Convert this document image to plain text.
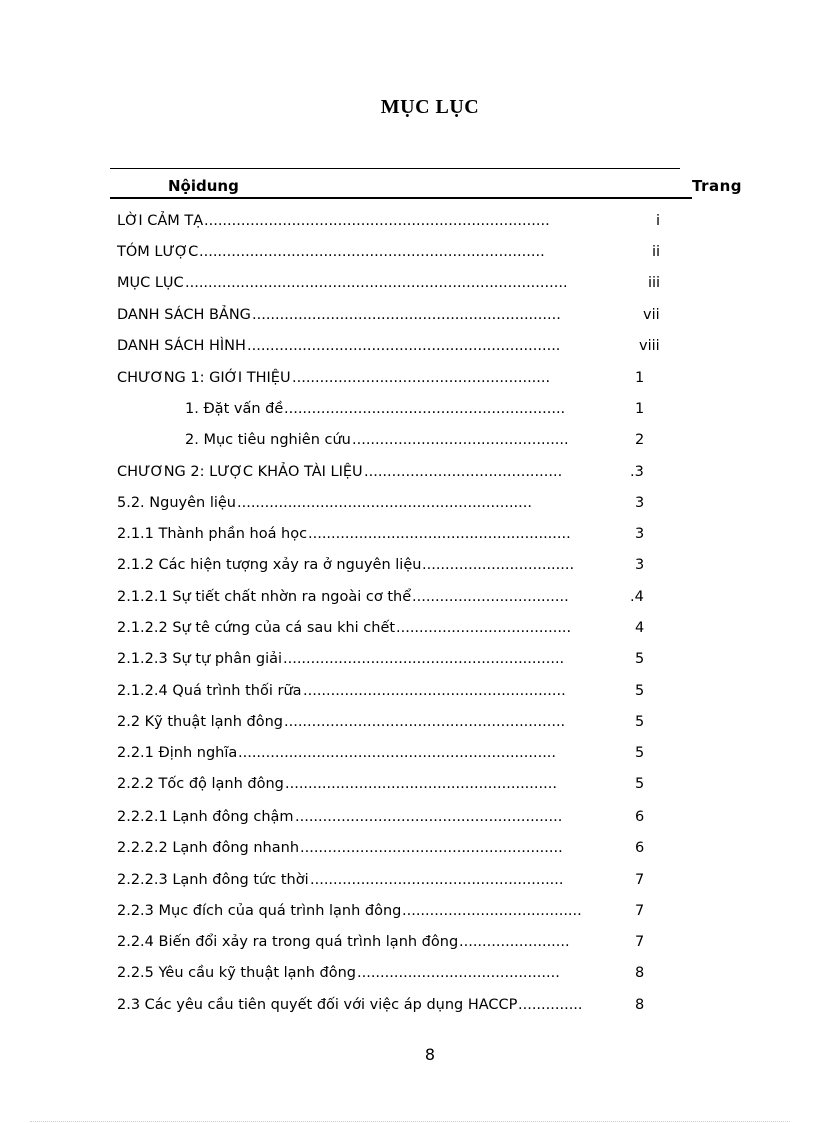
MỤC LỤC
Nộidung	Trang
LỜI CẢM TẠ ...........................................................................	i
TÓM LƯỢC ...........................................................................	ii
MỤC LỤC ...................................................................................	iii
DANH SÁCH BẢNG ...................................................................	vii
DANH SÁCH HÌNH ....................................................................	viii
CHƯƠNG 1: GIỚI THIỆU ........................................................	1
1. Đặt vấn đề .............................................................	1
2. Mục tiêu nghiên cứu ...............................................	2
CHƯƠNG 2: LƯỢC KHẢO TÀI LIỆU ...........................................	.3
5.2. Nguyên liệu ................................................................	3
2.1.1 Thành phần hoá học .........................................................	3
2.1.2 Các hiện tượng xảy ra ở nguyên liệu .................................	3
2.1.2.1 Sự tiết chất nhờn ra ngoài cơ thể ..................................	.4
2.1.2.2 Sự tê cứng của cá sau khi chết ......................................	4
2.1.2.3 Sự tự phân giải .............................................................	5
2.1.2.4 Quá trình thối rữa .........................................................	5
2.2 Kỹ thuật lạnh đông .............................................................	5
2.2.1 Định nghĩa .....................................................................	5
2.2.2 Tốc độ lạnh đông ...........................................................	5
2.2.2.1 Lạnh đông chậm ..........................................................	6
2.2.2.2 Lạnh đông nhanh .........................................................	6
2.2.2.3 Lạnh đông tức thời .......................................................	7
2.2.3 Mục đích của quá trình lạnh đông .......................................	7
2.2.4 Biến đổi xảy ra trong quá trình lạnh đông ........................	7
2.2.5 Yêu cầu kỹ thuật lạnh đông ............................................	8
2.3 Các yêu cầu tiên quyết đối với việc áp dụng HACCP ..............	8
8
